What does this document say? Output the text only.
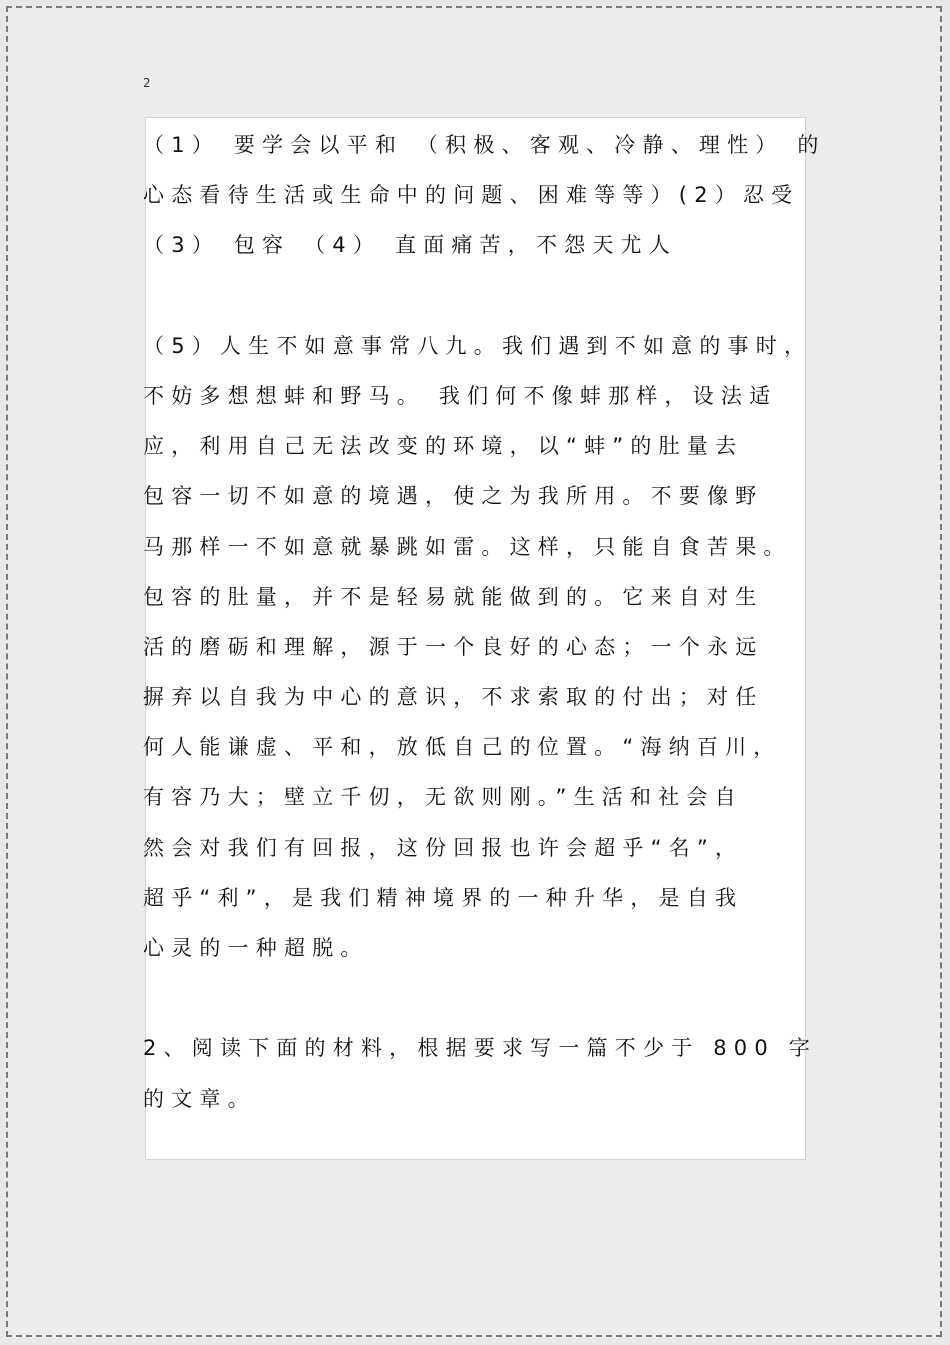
2
（1） 要学会以平和 （积极、客观、冷静、理性） 的
心态看待生活或生命中的问题、困难等等）(2）忍受
（3） 包容 （4） 直面痛苦，不怨天尤人
（5）人生不如意事常八九。我们遇到不如意的事时，
不妨多想想蚌和野马。 我们何不像蚌那样，设法适
应，利用自己无法改变的环境，以“蚌”的肚量去
包容一切不如意的境遇，使之为我所用。不要像野
马那样一不如意就暴跳如雷。这样，只能自食苦果。
包容的肚量，并不是轻易就能做到的。它来自对生
活的磨砺和理解，源于一个良好的心态；一个永远
摒弃以自我为中心的意识，不求索取的付出；对任
何人能谦虚、平和，放低自己的位置。“海纳百川，
有容乃大；壁立千仞，无欲则刚。”生活和社会自
然会对我们有回报，这份回报也许会超乎“名”，
超乎“利”，是我们精神境界的一种升华，是自我
心灵的一种超脱。
2、阅读下面的材料，根据要求写一篇不少于 800 字
的文章。
